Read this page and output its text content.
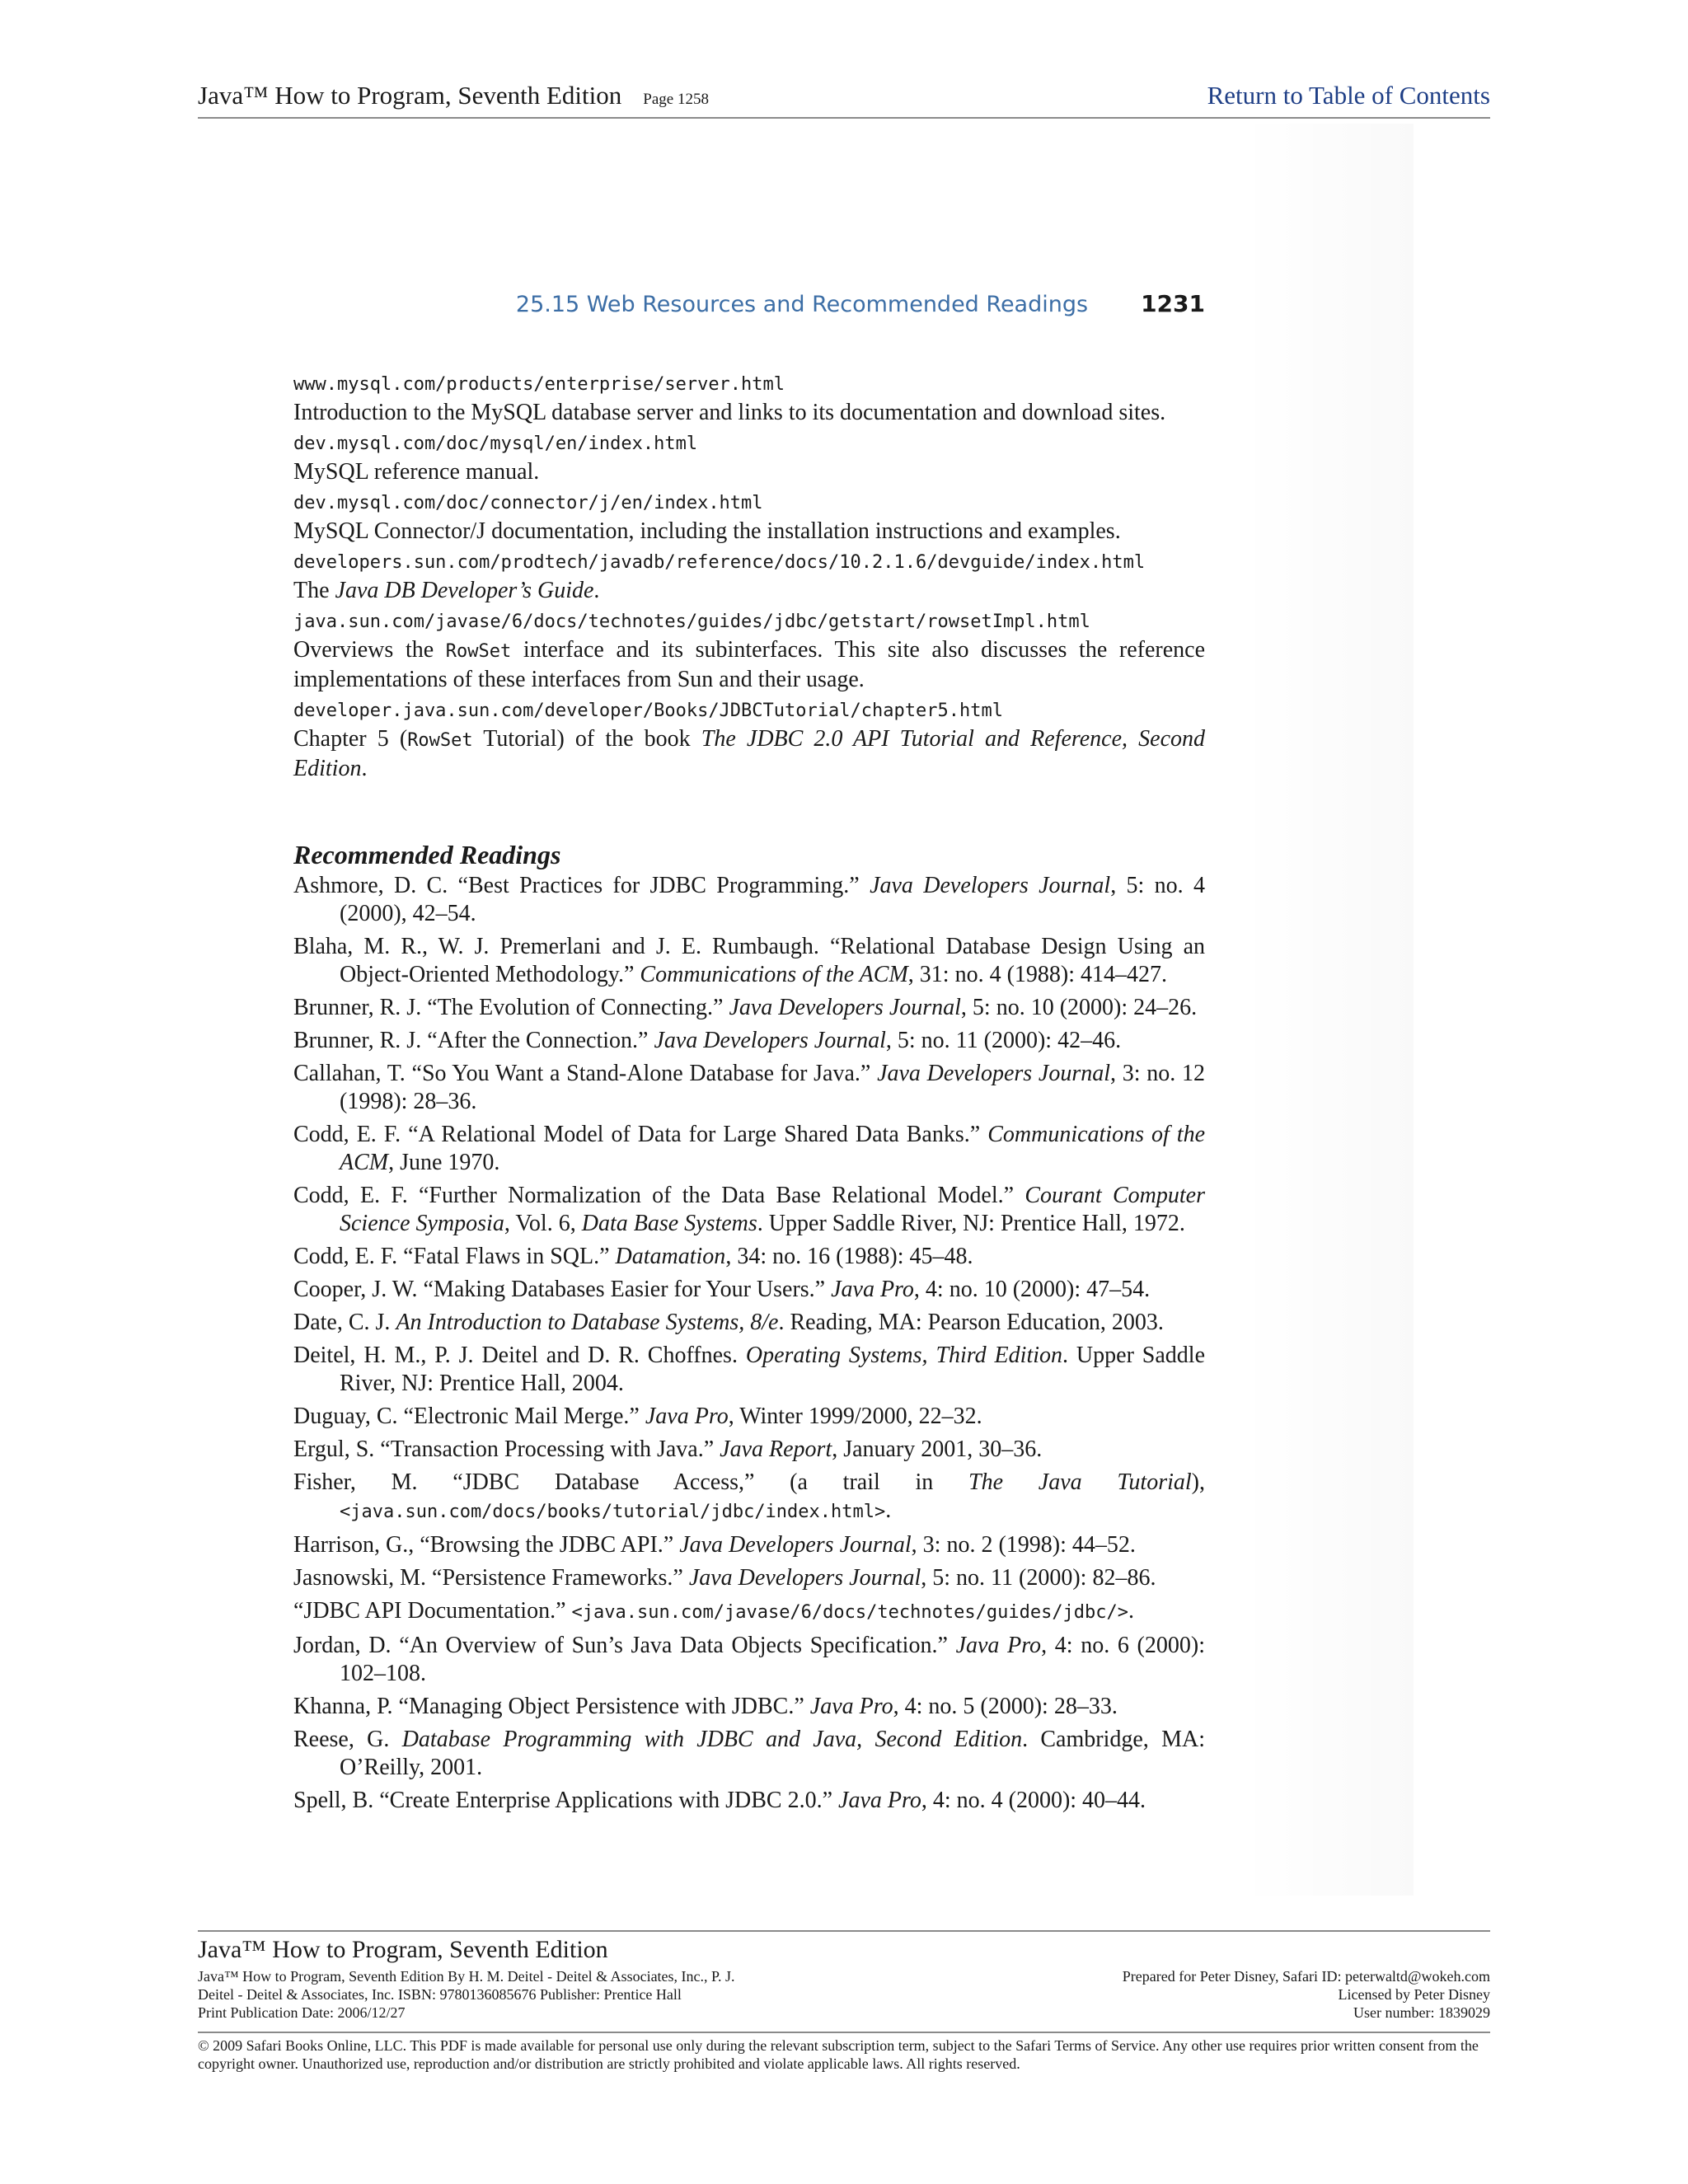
Java™ How to Program, Seventh Edition Page 1258	Return to Table of Contents
25.15 Web Resources and Recommended Readings 1231
www.mysql.com/products/enterprise/server.html
Introduction to the MySQL database server and links to its documentation and download sites.
dev.mysql.com/doc/mysql/en/index.html
MySQL reference manual.
dev.mysql.com/doc/connector/j/en/index.html
MySQL Connector/J documentation, including the installation instructions and examples.
developers.sun.com/prodtech/javadb/reference/docs/10.2.1.6/devguide/index.html
The Java DB Developer’s Guide.
java.sun.com/javase/6/docs/technotes/guides/jdbc/getstart/rowsetImpl.html
Overviews the RowSet interface and its subinterfaces. This site also discusses the reference implementations of these interfaces from Sun and their usage.
developer.java.sun.com/developer/Books/JDBCTutorial/chapter5.html
Chapter 5 (RowSet Tutorial) of the book The JDBC 2.0 API Tutorial and Reference, Second Edition.
Recommended Readings
Ashmore, D. C. “Best Practices for JDBC Programming.” Java Developers Journal, 5: no. 4 (2000), 42–54.
Blaha, M. R., W. J. Premerlani and J. E. Rumbaugh. “Relational Database Design Using an Object-Oriented Methodology.” Communications of the ACM, 31: no. 4 (1988): 414–427.
Brunner, R. J. “The Evolution of Connecting.” Java Developers Journal, 5: no. 10 (2000): 24–26.
Brunner, R. J. “After the Connection.” Java Developers Journal, 5: no. 11 (2000): 42–46.
Callahan, T. “So You Want a Stand-Alone Database for Java.” Java Developers Journal, 3: no. 12 (1998): 28–36.
Codd, E. F. “A Relational Model of Data for Large Shared Data Banks.” Communications of the ACM, June 1970.
Codd, E. F. “Further Normalization of the Data Base Relational Model.” Courant Computer Science Symposia, Vol. 6, Data Base Systems. Upper Saddle River, NJ: Prentice Hall, 1972.
Codd, E. F. “Fatal Flaws in SQL.” Datamation, 34: no. 16 (1988): 45–48.
Cooper, J. W. “Making Databases Easier for Your Users.” Java Pro, 4: no. 10 (2000): 47–54.
Date, C. J. An Introduction to Database Systems, 8/e. Reading, MA: Pearson Education, 2003.
Deitel, H. M., P. J. Deitel and D. R. Choffnes. Operating Systems, Third Edition. Upper Saddle River, NJ: Prentice Hall, 2004.
Duguay, C. “Electronic Mail Merge.” Java Pro, Winter 1999/2000, 22–32.
Ergul, S. “Transaction Processing with Java.” Java Report, January 2001, 30–36.
Fisher, M. “JDBC Database Access,” (a trail in The Java Tutorial), <java.sun.com/docs/books/tutorial/jdbc/index.html>.
Harrison, G., “Browsing the JDBC API.” Java Developers Journal, 3: no. 2 (1998): 44–52.
Jasnowski, M. “Persistence Frameworks.” Java Developers Journal, 5: no. 11 (2000): 82–86.
“JDBC API Documentation.” <java.sun.com/javase/6/docs/technotes/guides/jdbc/>.
Jordan, D. “An Overview of Sun’s Java Data Objects Specification.” Java Pro, 4: no. 6 (2000): 102–108.
Khanna, P. “Managing Object Persistence with JDBC.” Java Pro, 4: no. 5 (2000): 28–33.
Reese, G. Database Programming with JDBC and Java, Second Edition. Cambridge, MA: O’Reilly, 2001.
Spell, B. “Create Enterprise Applications with JDBC 2.0.” Java Pro, 4: no. 4 (2000): 40–44.
Java™ How to Program, Seventh Edition
Java™ How to Program, Seventh Edition By H. M. Deitel - Deitel & Associates, Inc., P. J.
Deitel - Deitel & Associates, Inc. ISBN: 9780136085676 Publisher: Prentice Hall
Print Publication Date: 2006/12/27
Prepared for Peter Disney, Safari ID: peterwaltd@wokeh.com
Licensed by Peter Disney
User number: 1839029
© 2009 Safari Books Online, LLC. This PDF is made available for personal use only during the relevant subscription term, subject to the Safari Terms of Service. Any other use requires prior written consent from the copyright owner. Unauthorized use, reproduction and/or distribution are strictly prohibited and violate applicable laws. All rights reserved.
